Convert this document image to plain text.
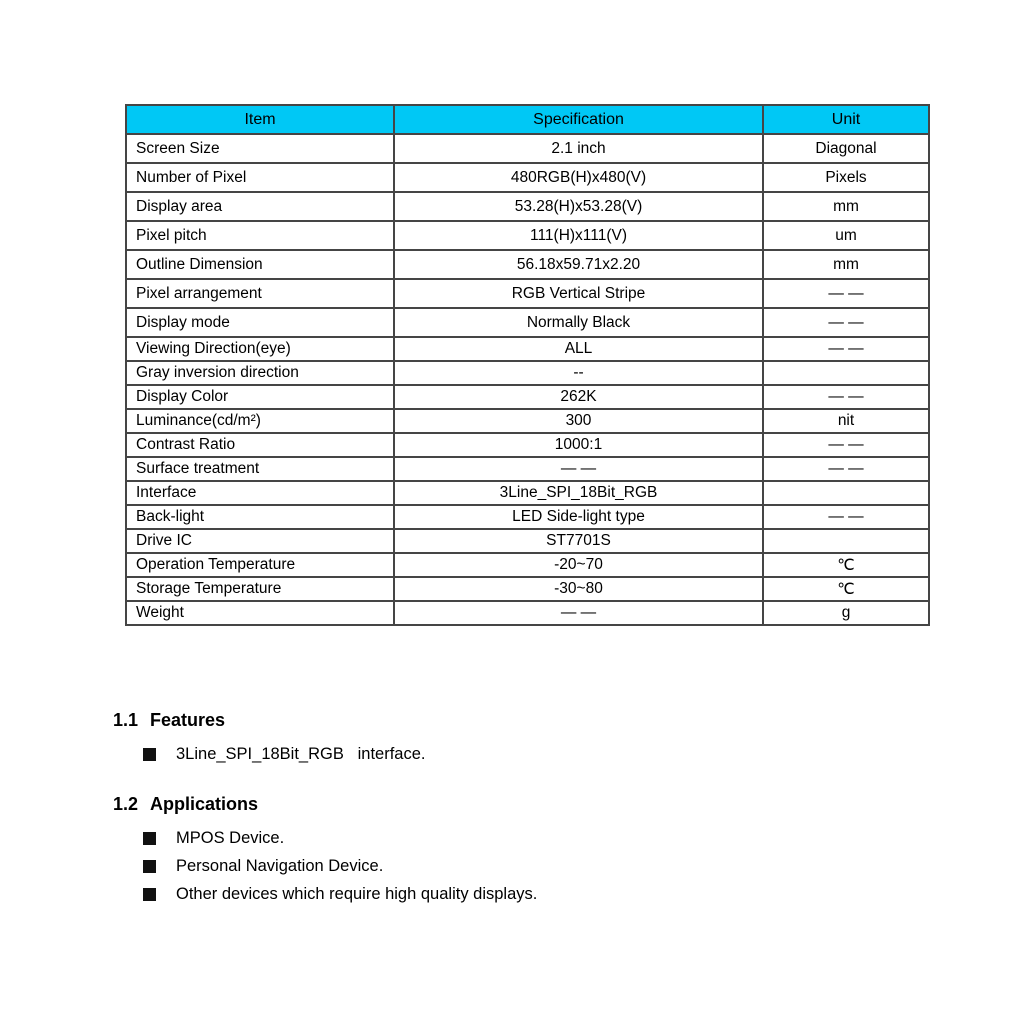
Item	Specification	Unit
Screen Size	2.1 inch	Diagonal
Number of Pixel	480RGB(H)x480(V)	Pixels
Display area	53.28(H)x53.28(V)	mm
Pixel pitch	111(H)x111(V)	um
Outline Dimension	56.18x59.71x2.20	mm
Pixel arrangement	RGB Vertical Stripe	— —
Display mode	Normally Black	— —
Viewing Direction(eye)	ALL	— —
Gray inversion direction	--	
Display Color	262K	— —
Luminance(cd/m²)	300	nit
Contrast Ratio	1000:1	— —
Surface treatment	— —	— —
Interface	3Line_SPI_18Bit_RGB	
Back-light	LED Side-light type	— —
Drive IC	ST7701S	
Operation Temperature	-20~70	℃
Storage Temperature	-30~80	℃
Weight	— —	g
1.1 Features
3Line_SPI_18Bit_RGB   interface.
1.2 Applications
MPOS Device.
Personal Navigation Device.
Other devices which require high quality displays.
